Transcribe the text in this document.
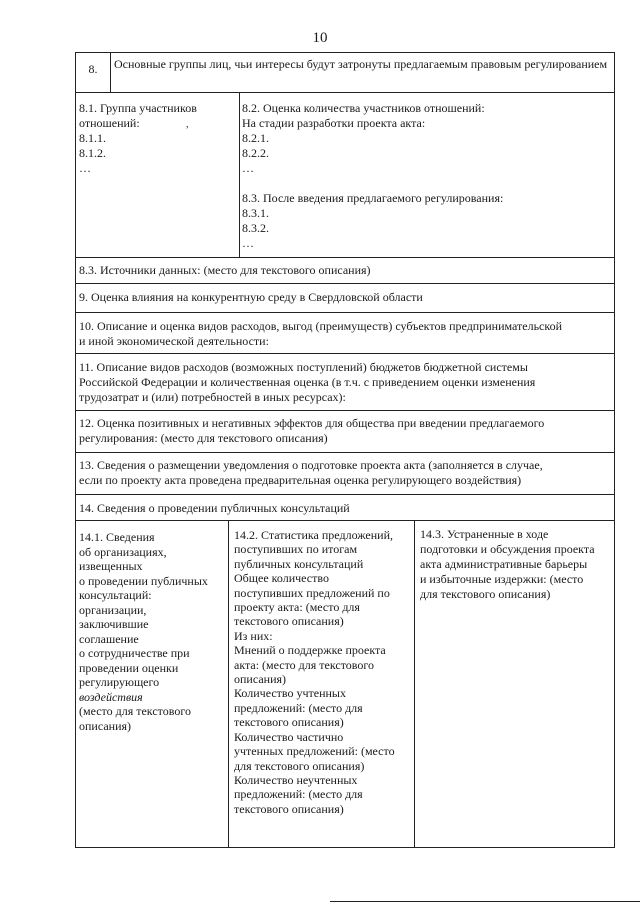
10
8.	Основные группы лиц, чьи интересы будут затронуты предлагаемым правовым регулированием
8.1. Группа участников
отношений:
8.1.1.
8.1.2.
…
,
8.2. Оценка количества участников отношений:
На стадии разработки проекта акта:
8.2.1.
8.2.2.
…
8.3. После введения предлагаемого регулирования:
8.3.1.
8.3.2.
…
8.3. Источники данных: (место для текстового описания)
9. Оценка влияния на конкурентную среду в Свердловской области
10. Описание и оценка видов расходов, выгод (преимуществ) субъектов предпринимательской
и иной экономической деятельности:
11. Описание видов расходов (возможных поступлений) бюджетов бюджетной системы
Российской Федерации и количественная оценка (в т.ч. с приведением оценки изменения
трудозатрат и (или) потребностей в иных ресурсах):
12. Оценка позитивных и негативных эффектов для общества при введении предлагаемого
регулирования: (место для текстового описания)
13. Сведения о размещении уведомления о подготовке проекта акта (заполняется в случае,
если по проекту акта проведена предварительная оценка регулирующего воздействия)
14. Сведения о проведении публичных консультаций
14.1. Сведения
об организациях,
извещенных
о проведении публичных
консультаций:
организации,
заключившие
соглашение
о сотрудничестве при
проведении оценки
регулирующего
воздействия
(место для текстового
описания)
14.2. Статистика предложений,
поступивших по итогам
публичных консультаций
Общее количество
поступивших предложений по
проекту акта: (место для
текстового описания)
Из них:
Мнений о поддержке проекта
акта: (место для текстового
описания)
Количество учтенных
предложений: (место для
текстового описания)
Количество частично
учтенных предложений: (место
для текстового описания)
Количество неучтенных
предложений: (место для
текстового описания)
14.3. Устраненные в ходе
подготовки и обсуждения проекта
акта административные барьеры
и избыточные издержки: (место
для текстового описания)
